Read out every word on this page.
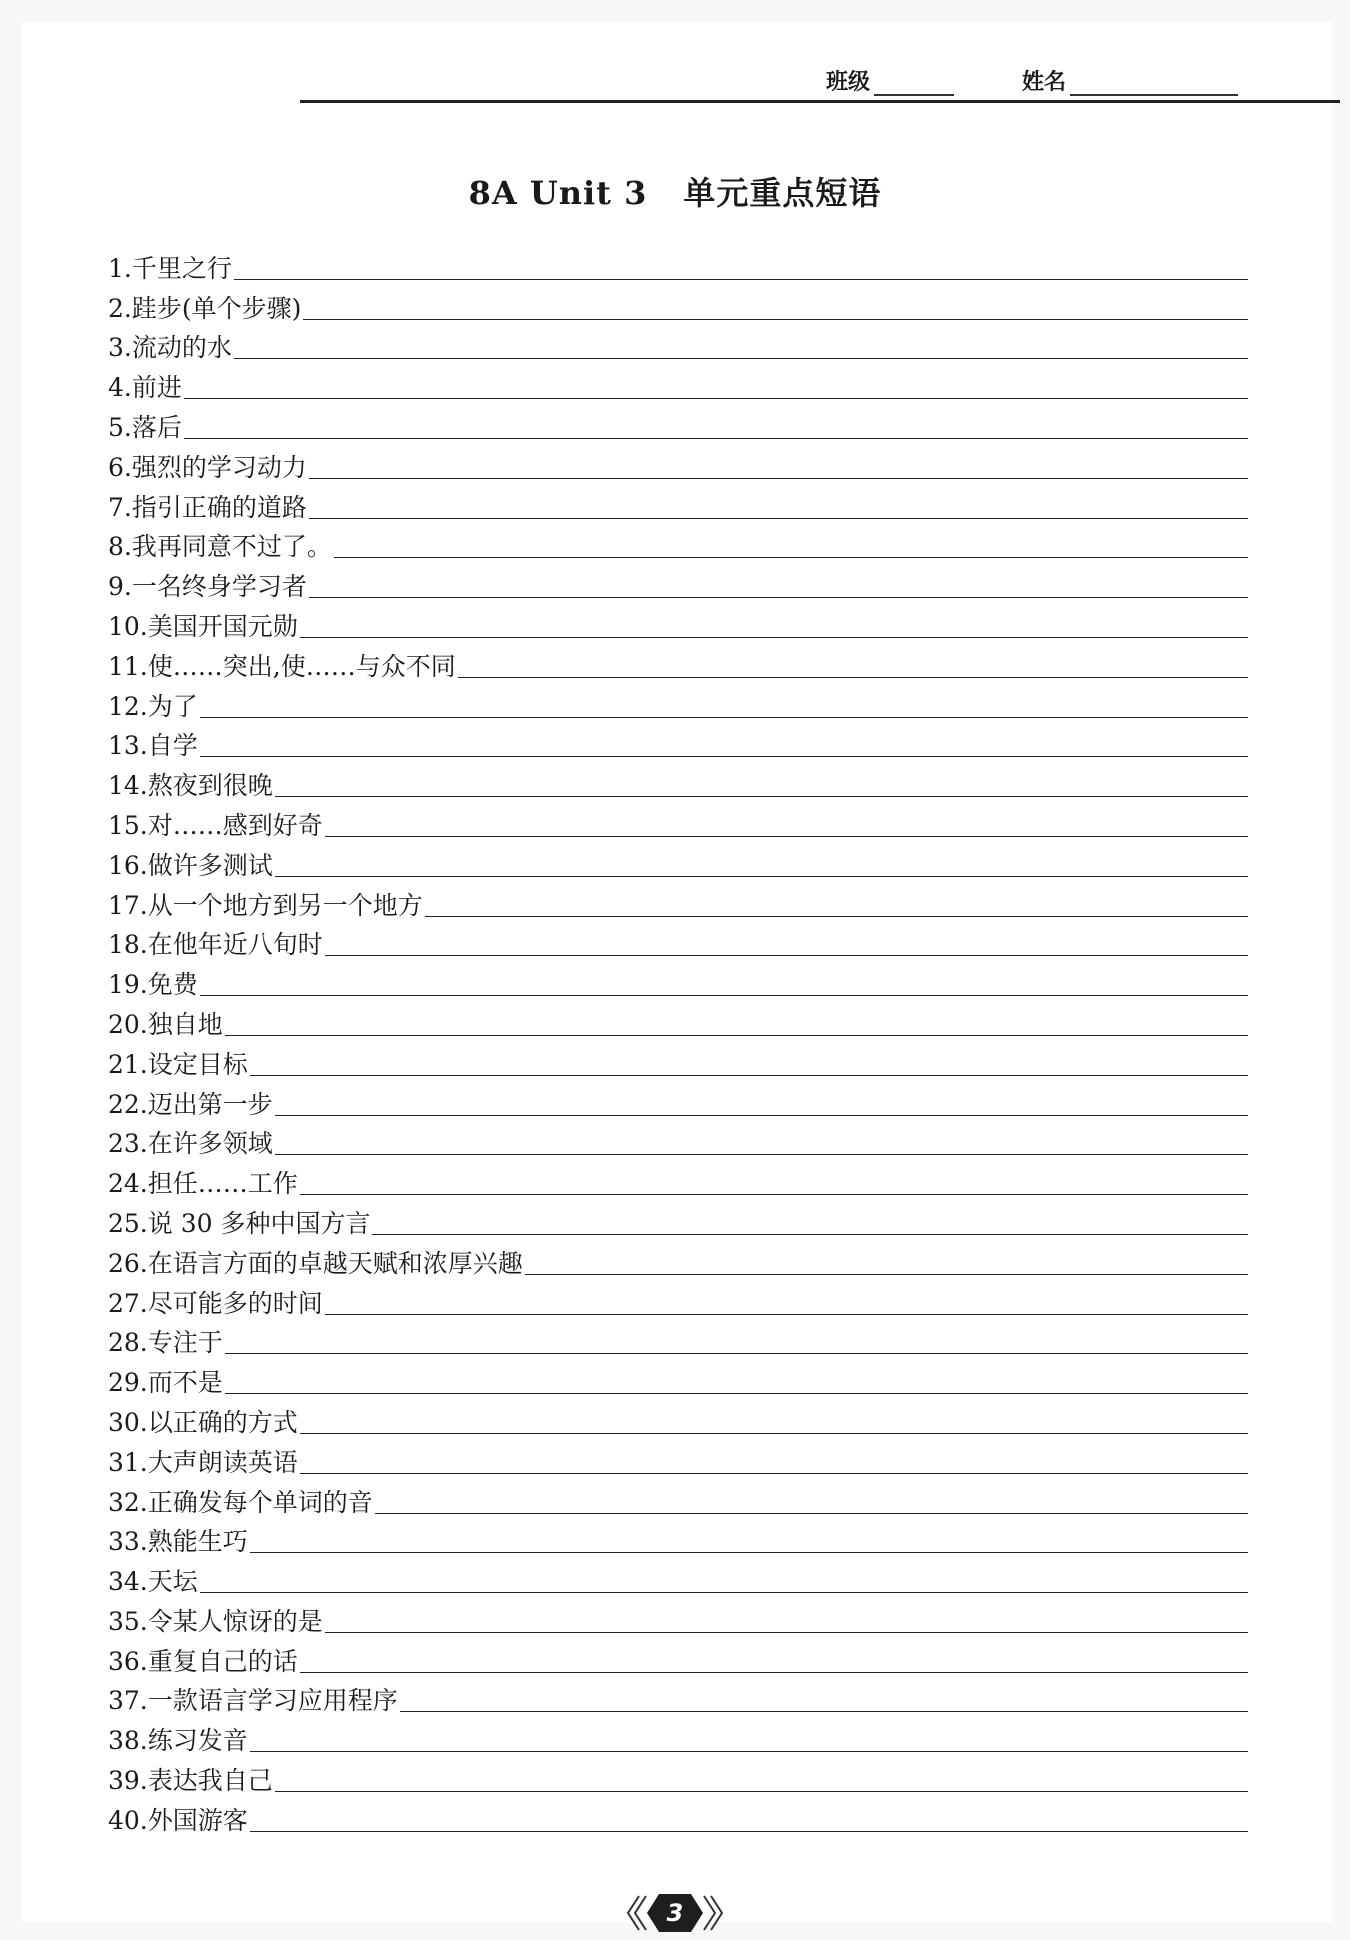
班级	姓名
8A Unit 3 单元重点短语
1. 千里之行
2. 跬步(单个步骤)
3. 流动的水
4. 前进
5. 落后
6. 强烈的学习动力
7. 指引正确的道路
8. 我再同意不过了。
9. 一名终身学习者
10. 美国开国元勋
11. 使……突出,使……与众不同
12. 为了
13. 自学
14. 熬夜到很晚
15. 对……感到好奇
16. 做许多测试
17. 从一个地方到另一个地方
18. 在他年近八旬时
19. 免费
20. 独自地
21. 设定目标
22. 迈出第一步
23. 在许多领域
24. 担任……工作
25. 说 30 多种中国方言
26. 在语言方面的卓越天赋和浓厚兴趣
27. 尽可能多的时间
28. 专注于
29. 而不是
30. 以正确的方式
31. 大声朗读英语
32. 正确发每个单词的音
33. 熟能生巧
34. 天坛
35. 令某人惊讶的是
36. 重复自己的话
37. 一款语言学习应用程序
38. 练习发音
39. 表达我自己
40. 外国游客
3
